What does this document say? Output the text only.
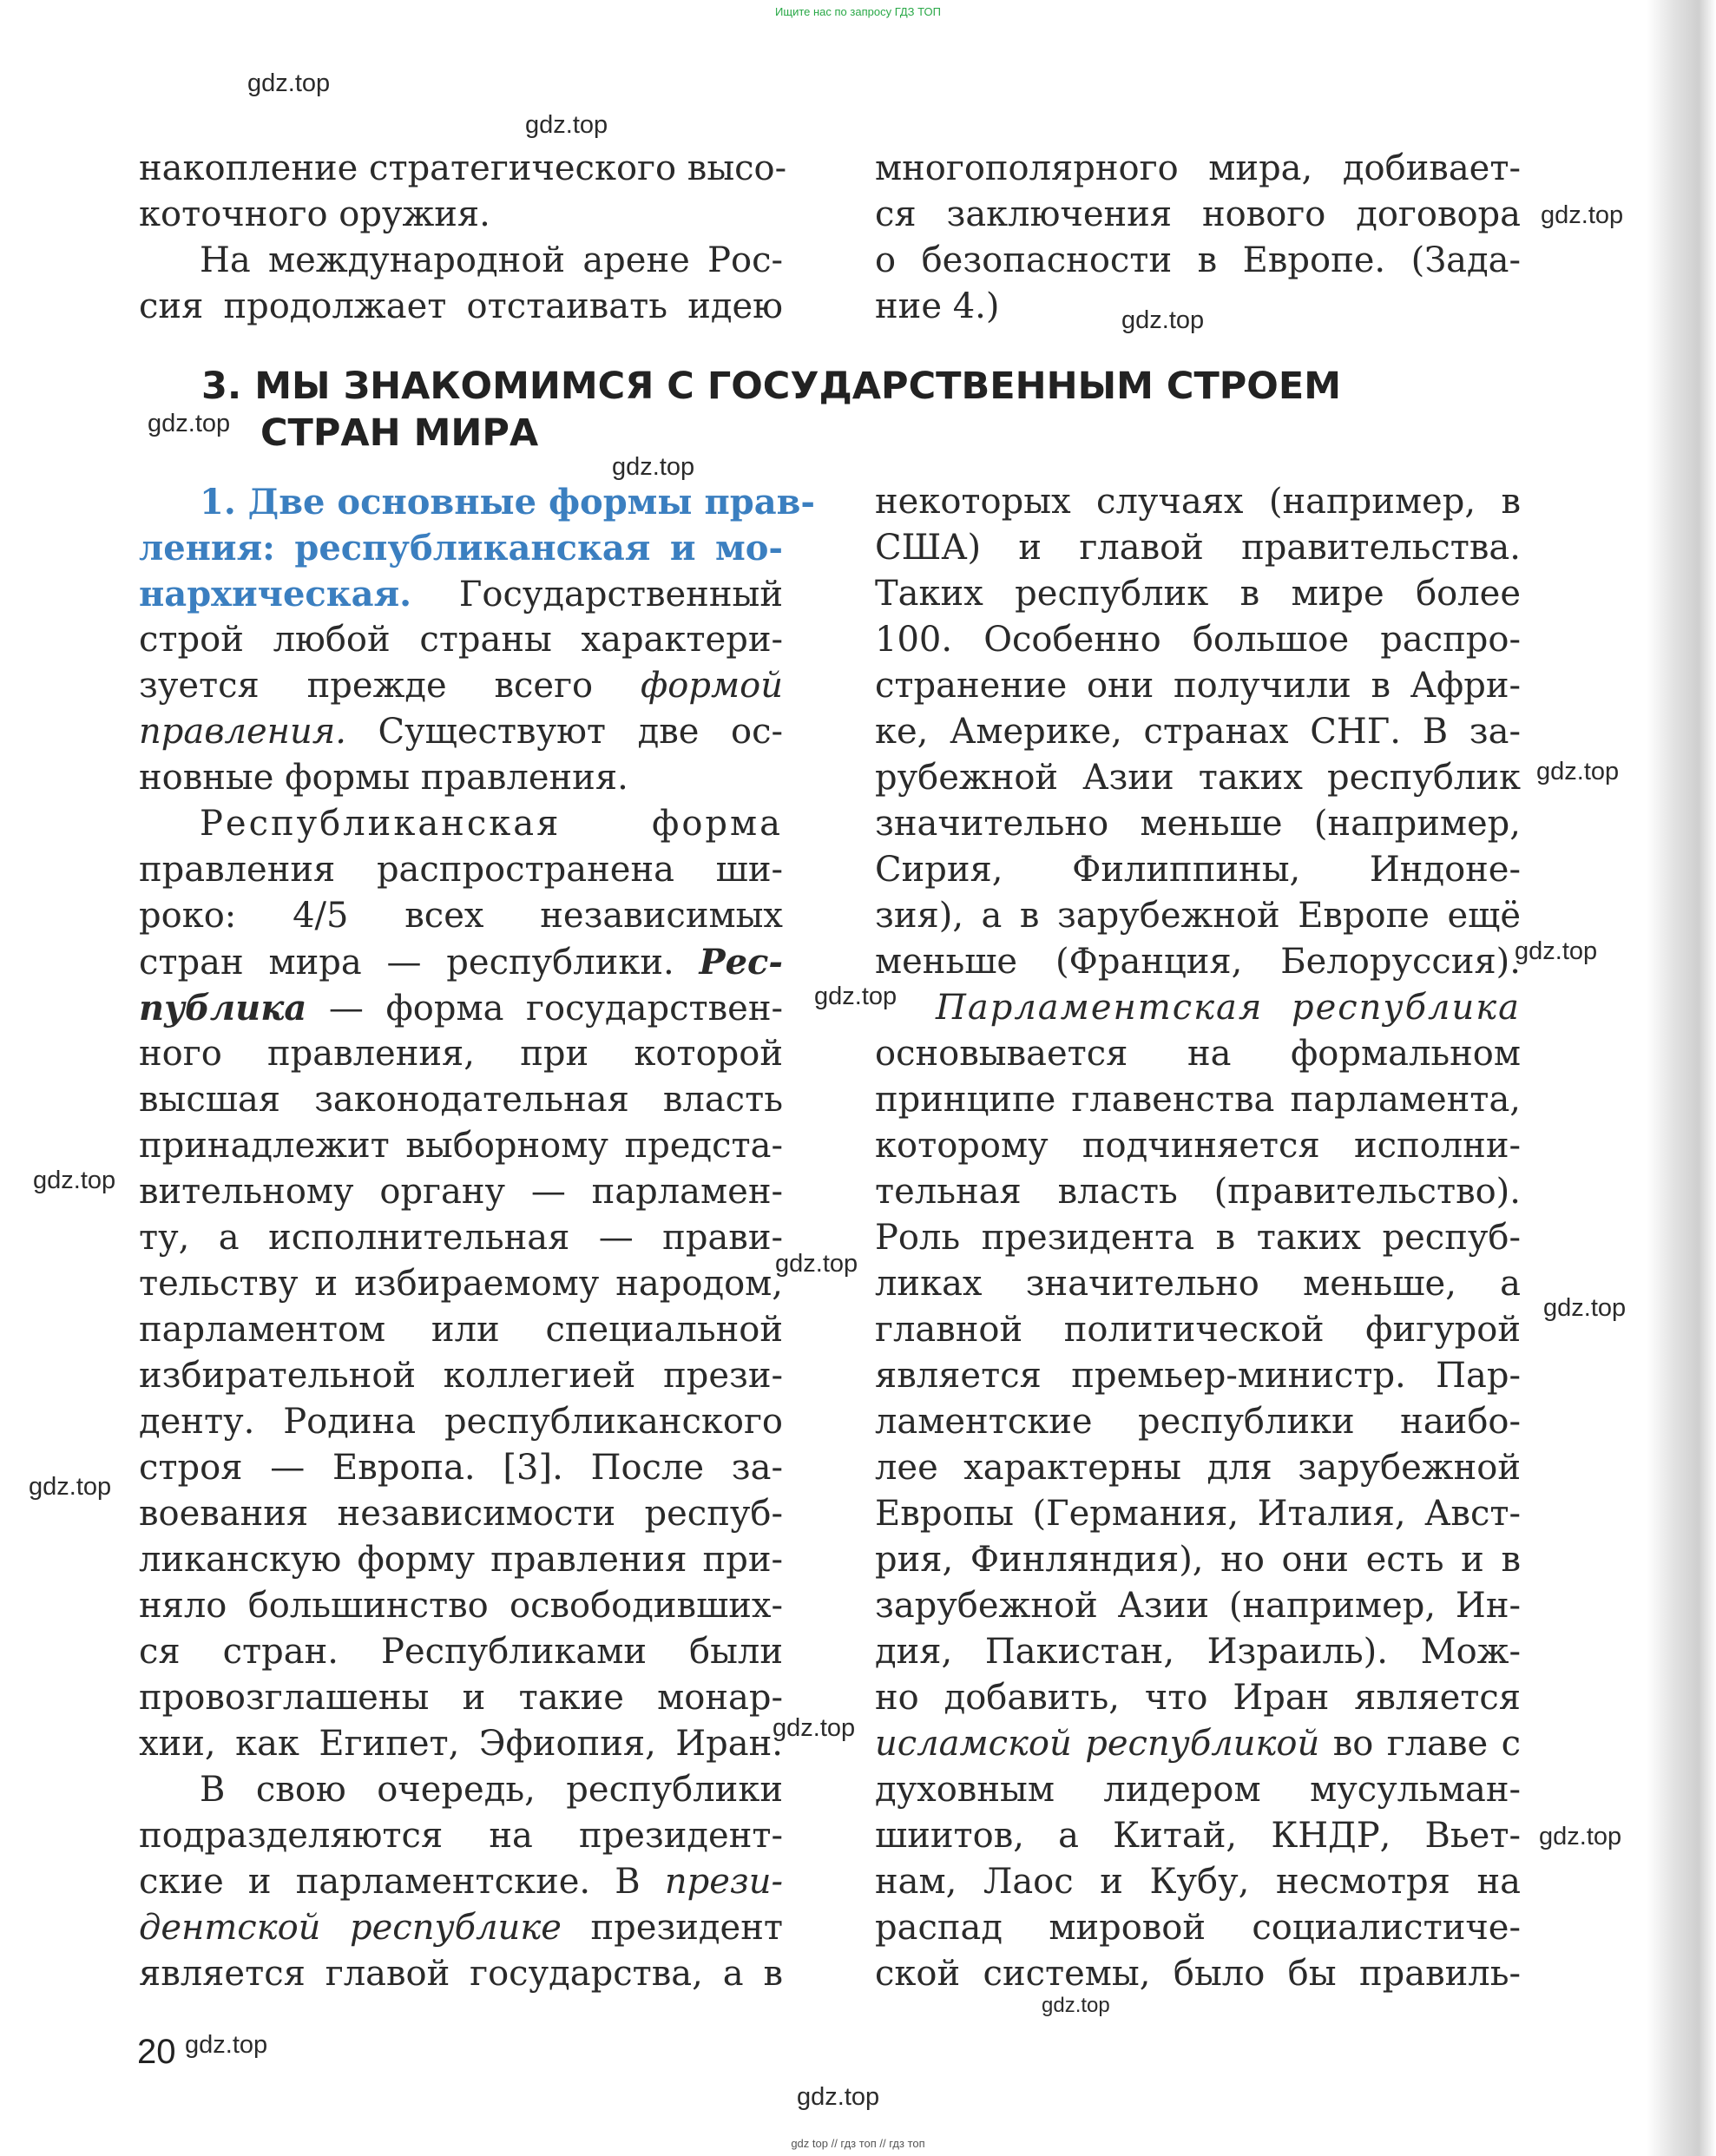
Ищите нас по запросу ГДЗ ТОП
gdz.top
gdz.top
gdz.top
gdz.top
gdz.top
gdz.top
gdz.top
gdz.top
gdz.top
gdz.top
gdz.top
gdz.top
gdz.top
gdz.top
gdz.top
gdz.top
gdz.top
gdz.top
накопление стратегического высо-
коточного оружия.
На международной арене Рос-
сия продолжает отстаивать идею
многополярного мира, добивает-
ся заключения нового договора
о безопасности в Европе. (Зада-
ние 4.)
3. МЫ ЗНАКОМИМСЯ С ГОСУДАРСТВЕННЫМ СТРОЕМ
СТРАН МИРА
1. Две основные формы прав-
ления: республиканская и мо-
нархическая. Государственный
строй любой страны характери-
зуется прежде всего формой
правления. Существуют две ос-
новные формы правления.
Республиканская форма
правления распространена ши-
роко: 4/5 всех независимых
стран мира — республики. Рес-
публика — форма государствен-
ного правления, при которой
высшая законодательная власть
принадлежит выборному предста-
вительному органу — парламен-
ту, а исполнительная — прави-
тельству и избираемому народом,
парламентом или специальной
избирательной коллегией прези-
денту. Родина республиканского
строя — Европа. [3]. После за-
воевания независимости респуб-
ликанскую форму правления при-
няло большинство освободивших-
ся стран. Республиками были
провозглашены и такие монар-
хии, как Египет, Эфиопия, Иран.
В свою очередь, республики
подразделяются на президент-
ские и парламентские. В прези-
дентской республике президент
является главой государства, а в
некоторых случаях (например, в
США) и главой правительства.
Таких республик в мире более
100. Особенно большое распро-
странение они получили в Афри-
ке, Америке, странах СНГ. В за-
рубежной Азии таких республик
значительно меньше (например,
Сирия, Филиппины, Индоне-
зия), а в зарубежной Европе ещё
меньше (Франция, Белоруссия).
Парламентская республика
основывается на формальном
принципе главенства парламента,
которому подчиняется исполни-
тельная власть (правительство).
Роль президента в таких респуб-
ликах значительно меньше, а
главной политической фигурой
является премьер-министр. Пар-
ламентские республики наибо-
лее характерны для зарубежной
Европы (Германия, Италия, Авст-
рия, Финляндия), но они есть и в
зарубежной Азии (например, Ин-
дия, Пакистан, Израиль). Мож-
но добавить, что Иран является
исламской республикой во главе с
духовным лидером мусульман-
шиитов, а Китай, КНДР, Вьет-
нам, Лаос и Кубу, несмотря на
распад мировой социалистиче-
ской системы, было бы правиль-
20
gdz top // гдз топ // гдз топ
